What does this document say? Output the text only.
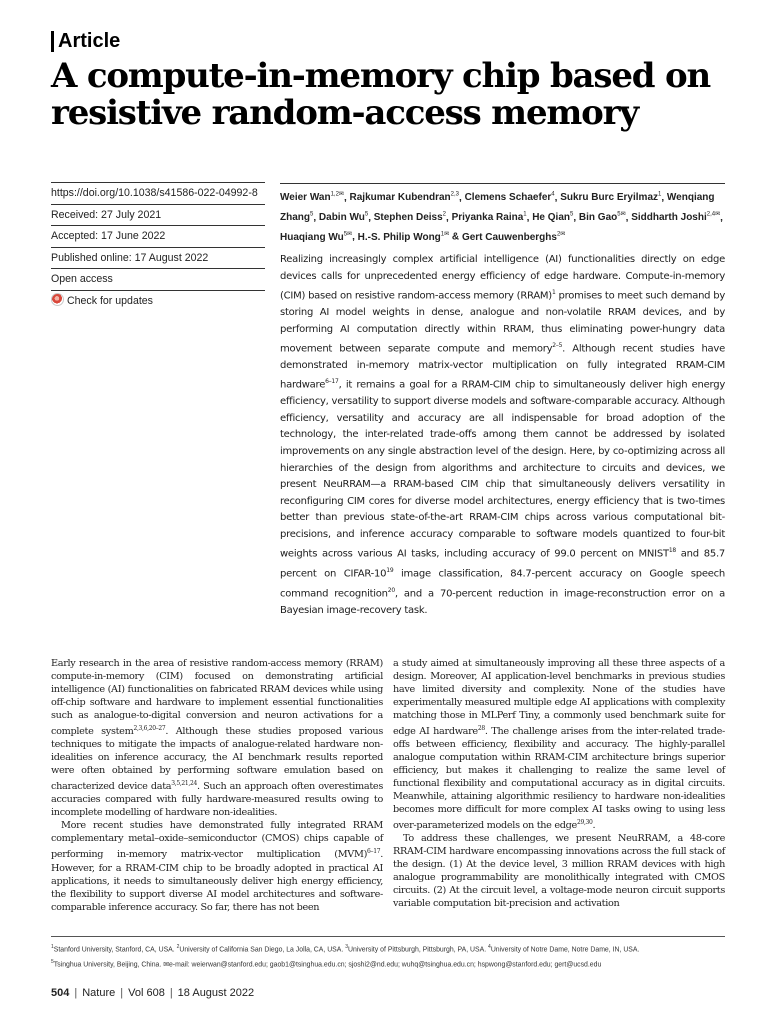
Article
A compute-in-memory chip based on resistive random-access memory
https://doi.org/10.1038/s41586-022-04992-8
Received: 27 July 2021
Accepted: 17 June 2022
Published online: 17 August 2022
Open access
Check for updates
Weier Wan$^{1,2✉}$, Rajkumar Kubendran$^{2,3}$, Clemens Schaefer$^4$, Sukru Burc Eryilmaz$^1$, Wenqiang Zhang$^5$, Dabin Wu$^5$, Stephen Deiss$^2$, Priyanka Raina$^1$, He Qian$^5$, Bin Gao$^{5✉}$, Siddharth Joshi$^{2,4✉}$, Huaqiang $Wu^{5✉}$, H.-S. Philip Wong$^{1✉}$ & Gert Cauwenberghs$^{2✉}$
Realizing increasingly complex artificial intelligence (AI) functionalities directly on edge devices calls for unprecedented energy efficiency of edge hardware. Compute-in-memory (CIM) based on resistive random-access memory (RRAM)$^1$ promises to meet such demand by storing AI model weights in dense, analogue and non-volatile RRAM devices, and by performing AI computation directly within RRAM, thus eliminating power-hungry data movement between separate compute and memory$^{2-5}$. Although recent studies have demonstrated in-memory matrix-vector multiplication on fully integrated RRAM-CIM hardware$^{6-17}$, it remains a goal for a RRAM-CIM chip to simultaneously deliver high energy efficiency, versatility to support diverse models and software-comparable accuracy. Although efficiency, versatility and accuracy are all indispensable for broad adoption of the technology, the inter-related trade-offs among them cannot be addressed by isolated improvements on any single abstraction level of the design. Here, by co-optimizing across all hierarchies of the design from algorithms and architecture to circuits and devices, we present NeuRRAM—a RRAM-based CIM chip that simultaneously delivers versatility in reconfiguring CIM cores for diverse model architectures, energy efficiency that is two-times better than previous state-of-the-art RRAM-CIM chips across various computational bit-precisions, and inference accuracy comparable to software models quantized to four-bit weights across various AI tasks, including accuracy of 99.0 percent on MNIST$^{18}$ and 85.7 percent on CIFAR-$10^{19}$ image classification, 84.7-percent accuracy on Google speech command recognition$^{20}$, and a 70-percent reduction in image-reconstruction error on a Bayesian image-recovery task.

Early research in the area of resistive random-access memory (RRAM) compute-in-memory (CIM) focused on demonstrating artificial intelligence (AI) functionalities on fabricated RRAM devices while using off-chip software and hardware to implement essential functionalities such as analogue-to-digital conversion and neuron activations for a complete system$^{2,3,6,20-27}$. Although these studies proposed various techniques to mitigate the impacts of analogue-related hardware non-idealities on inference accuracy, the AI benchmark results reported were often obtained by performing software emulation based on characterized device data$^{3,5,21,24}$. Such an approach often overestimates accuracies compared with fully hardware-measured results owing to incomplete modelling of hardware non-idealities.

More recent studies have demonstrated fully integrated RRAM complementary metal–oxide–semiconductor (CMOS) chips capable of performing in-memory matrix-vector multiplication (MVM)$^{6-17}$. However, for a RRAM-CIM chip to be broadly adopted in practical AI applications, it needs to simultaneously deliver high energy efficiency, the flexibility to support diverse AI model architectures and software-comparable inference accuracy. So far, there has not been

a study aimed at simultaneously improving all these three aspects of a design. Moreover, AI application-level benchmarks in previous studies have limited diversity and complexity. None of the studies have experimentally measured multiple edge AI applications with complexity matching those in MLPerf Tiny, a commonly used benchmark suite for edge AI hardware$^{28}$. The challenge arises from the inter-related trade-offs between efficiency, flexibility and accuracy. The highly-parallel analogue computation within RRAM-CIM architecture brings superior efficiency, but makes it challenging to realize the same level of functional flexibility and computational accuracy as in digital circuits. Meanwhile, attaining algorithmic resiliency to hardware non-idealities becomes more difficult for more complex AI tasks owing to using less over-parameterized models on the edge$^{29,30}$.

To address these challenges, we present NeuRRAM, a 48-core RRAM-CIM hardware encompassing innovations across the full stack of the design. (1) At the device level, 3 million RRAM devices with high analogue programmability are monolithically integrated with CMOS circuits. (2) At the circuit level, a voltage-mode neuron circuit supports variable computation bit-precision and activation

$^1$Stanford University, Stanford, CA, USA. $^2$University of California San Diego, La Jolla, CA, USA. $^3$University of Pittsburgh, Pittsburgh, PA, USA. $^4$University of Notre Dame, Notre Dame, IN, USA.
$^5$Tsinghua University, Beijing, China. ✉e-mail: weierwan@stanford.edu; gaob1@tsinghua.edu.cn; sjoshi2@nd.edu; wuhq@tsinghua.edu.cn; hspwong@stanford.edu; gert@ucsd.edu
504 | Nature | Vol 608 | 18 August 2022
